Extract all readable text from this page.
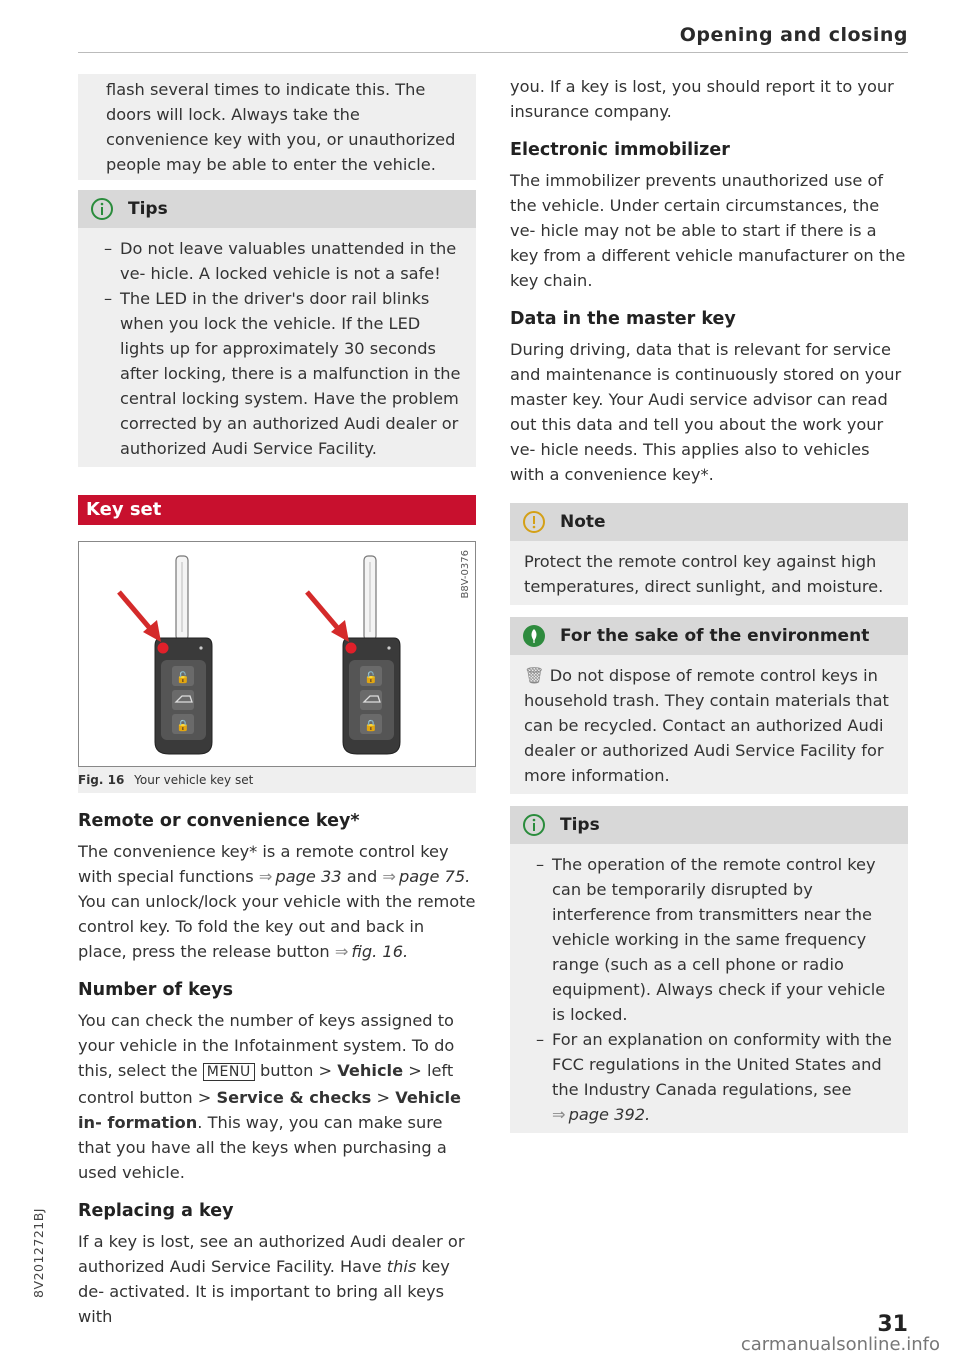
Opening and closing

flash several times to indicate this. The doors will lock. Always take the convenience key with you, or unauthorized people may be able to enter the vehicle.

Tips
– Do not leave valuables unattended in the ve- hicle. A locked vehicle is not a safe!
– The LED in the driver's door rail blinks when you lock the vehicle. If the LED lights up for approximately 30 seconds after locking, there is a malfunction in the central locking system. Have the problem corrected by an authorized Audi dealer or authorized Audi Service Facility.
Key set
B8V-0376
🔓
🔒
🔓
🔒
Fig. 16 Your vehicle key set
Remote or convenience key*

The convenience key* is a remote control key with special functions ⇒ page 33 and ⇒ page 75. You can unlock/lock your vehicle with the remote control key. To fold the key out and back in place, press the release button ⇒ fig. 16.

Number of keys

You can check the number of keys assigned to your vehicle in the Infotainment system. To do this, select the MENU button > Vehicle > left control button > Service & checks > Vehicle in- formation. This way, you can make sure that you have all the keys when purchasing a used vehicle.

Replacing a key

If a key is lost, see an authorized Audi dealer or authorized Audi Service Facility. Have this key de- activated. It is important to bring all keys with

you. If a key is lost, you should report it to your insurance company.

Electronic immobilizer

The immobilizer prevents unauthorized use of the vehicle. Under certain circumstances, the ve- hicle may not be able to start if there is a key from a different vehicle manufacturer on the key chain.

Data in the master key

During driving, data that is relevant for service and maintenance is continuously stored on your master key. Your Audi service advisor can read out this data and tell you about the work your ve- hicle needs. This applies also to vehicles with a convenience key*.

Note

Protect the remote control key against high temperatures, direct sunlight, and moisture.

For the sake of the environment

🗑 Do not dispose of remote control keys in household trash. They contain materials that can be recycled. Contact an authorized Audi dealer or authorized Audi Service Facility for more information.

Tips
– The operation of the remote control key can be temporarily disrupted by interference from transmitters near the vehicle working in the same frequency range (such as a cell phone or radio equipment). Always check if your vehicle is locked.
– For an explanation on conformity with the FCC regulations in the United States and the Industry Canada regulations, see ⇒ page 392.
8V2012721BJ
31
carmanualsonline.info
